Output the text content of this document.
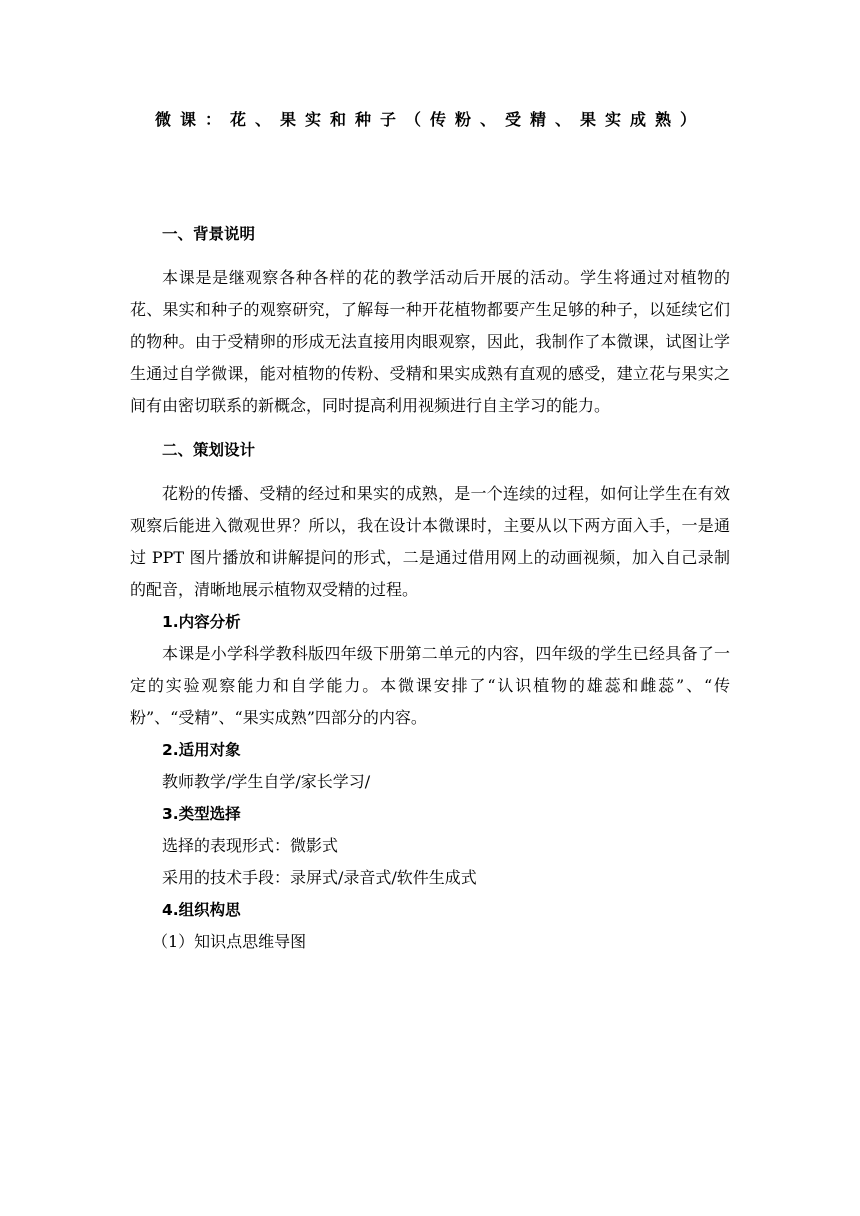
微课：花、果实和种子（传粉、受精、果实成熟）
一、背景说明

本课是是继观察各种各样的花的教学活动后开展的活动。学生将通过对植物的花、果实和种子的观察研究，了解每一种开花植物都要产生足够的种子，以延续它们的物种。由于受精卵的形成无法直接用肉眼观察，因此，我制作了本微课，试图让学生通过自学微课，能对植物的传粉、受精和果实成熟有直观的感受，建立花与果实之间有由密切联系的新概念，同时提高利用视频进行自主学习的能力。

二、策划设计

花粉的传播、受精的经过和果实的成熟，是一个连续的过程，如何让学生在有效观察后能进入微观世界？所以，我在设计本微课时，主要从以下两方面入手，一是通过 PPT 图片播放和讲解提问的形式，二是通过借用网上的动画视频，加入自己录制的配音，清晰地展示植物双受精的过程。

1.内容分析

本课是小学科学教科版四年级下册第二单元的内容，四年级的学生已经具备了一定的实验观察能力和自学能力。本微课安排了“认识植物的雄蕊和雌蕊”、“传粉”、“受精”、“果实成熟”四部分的内容。

2.适用对象
教师教学/学生自学/家长学习/
3.类型选择
选择的表现形式：微影式
采用的技术手段：录屏式/录音式/软件生成式
4.组织构思
（1）知识点思维导图
